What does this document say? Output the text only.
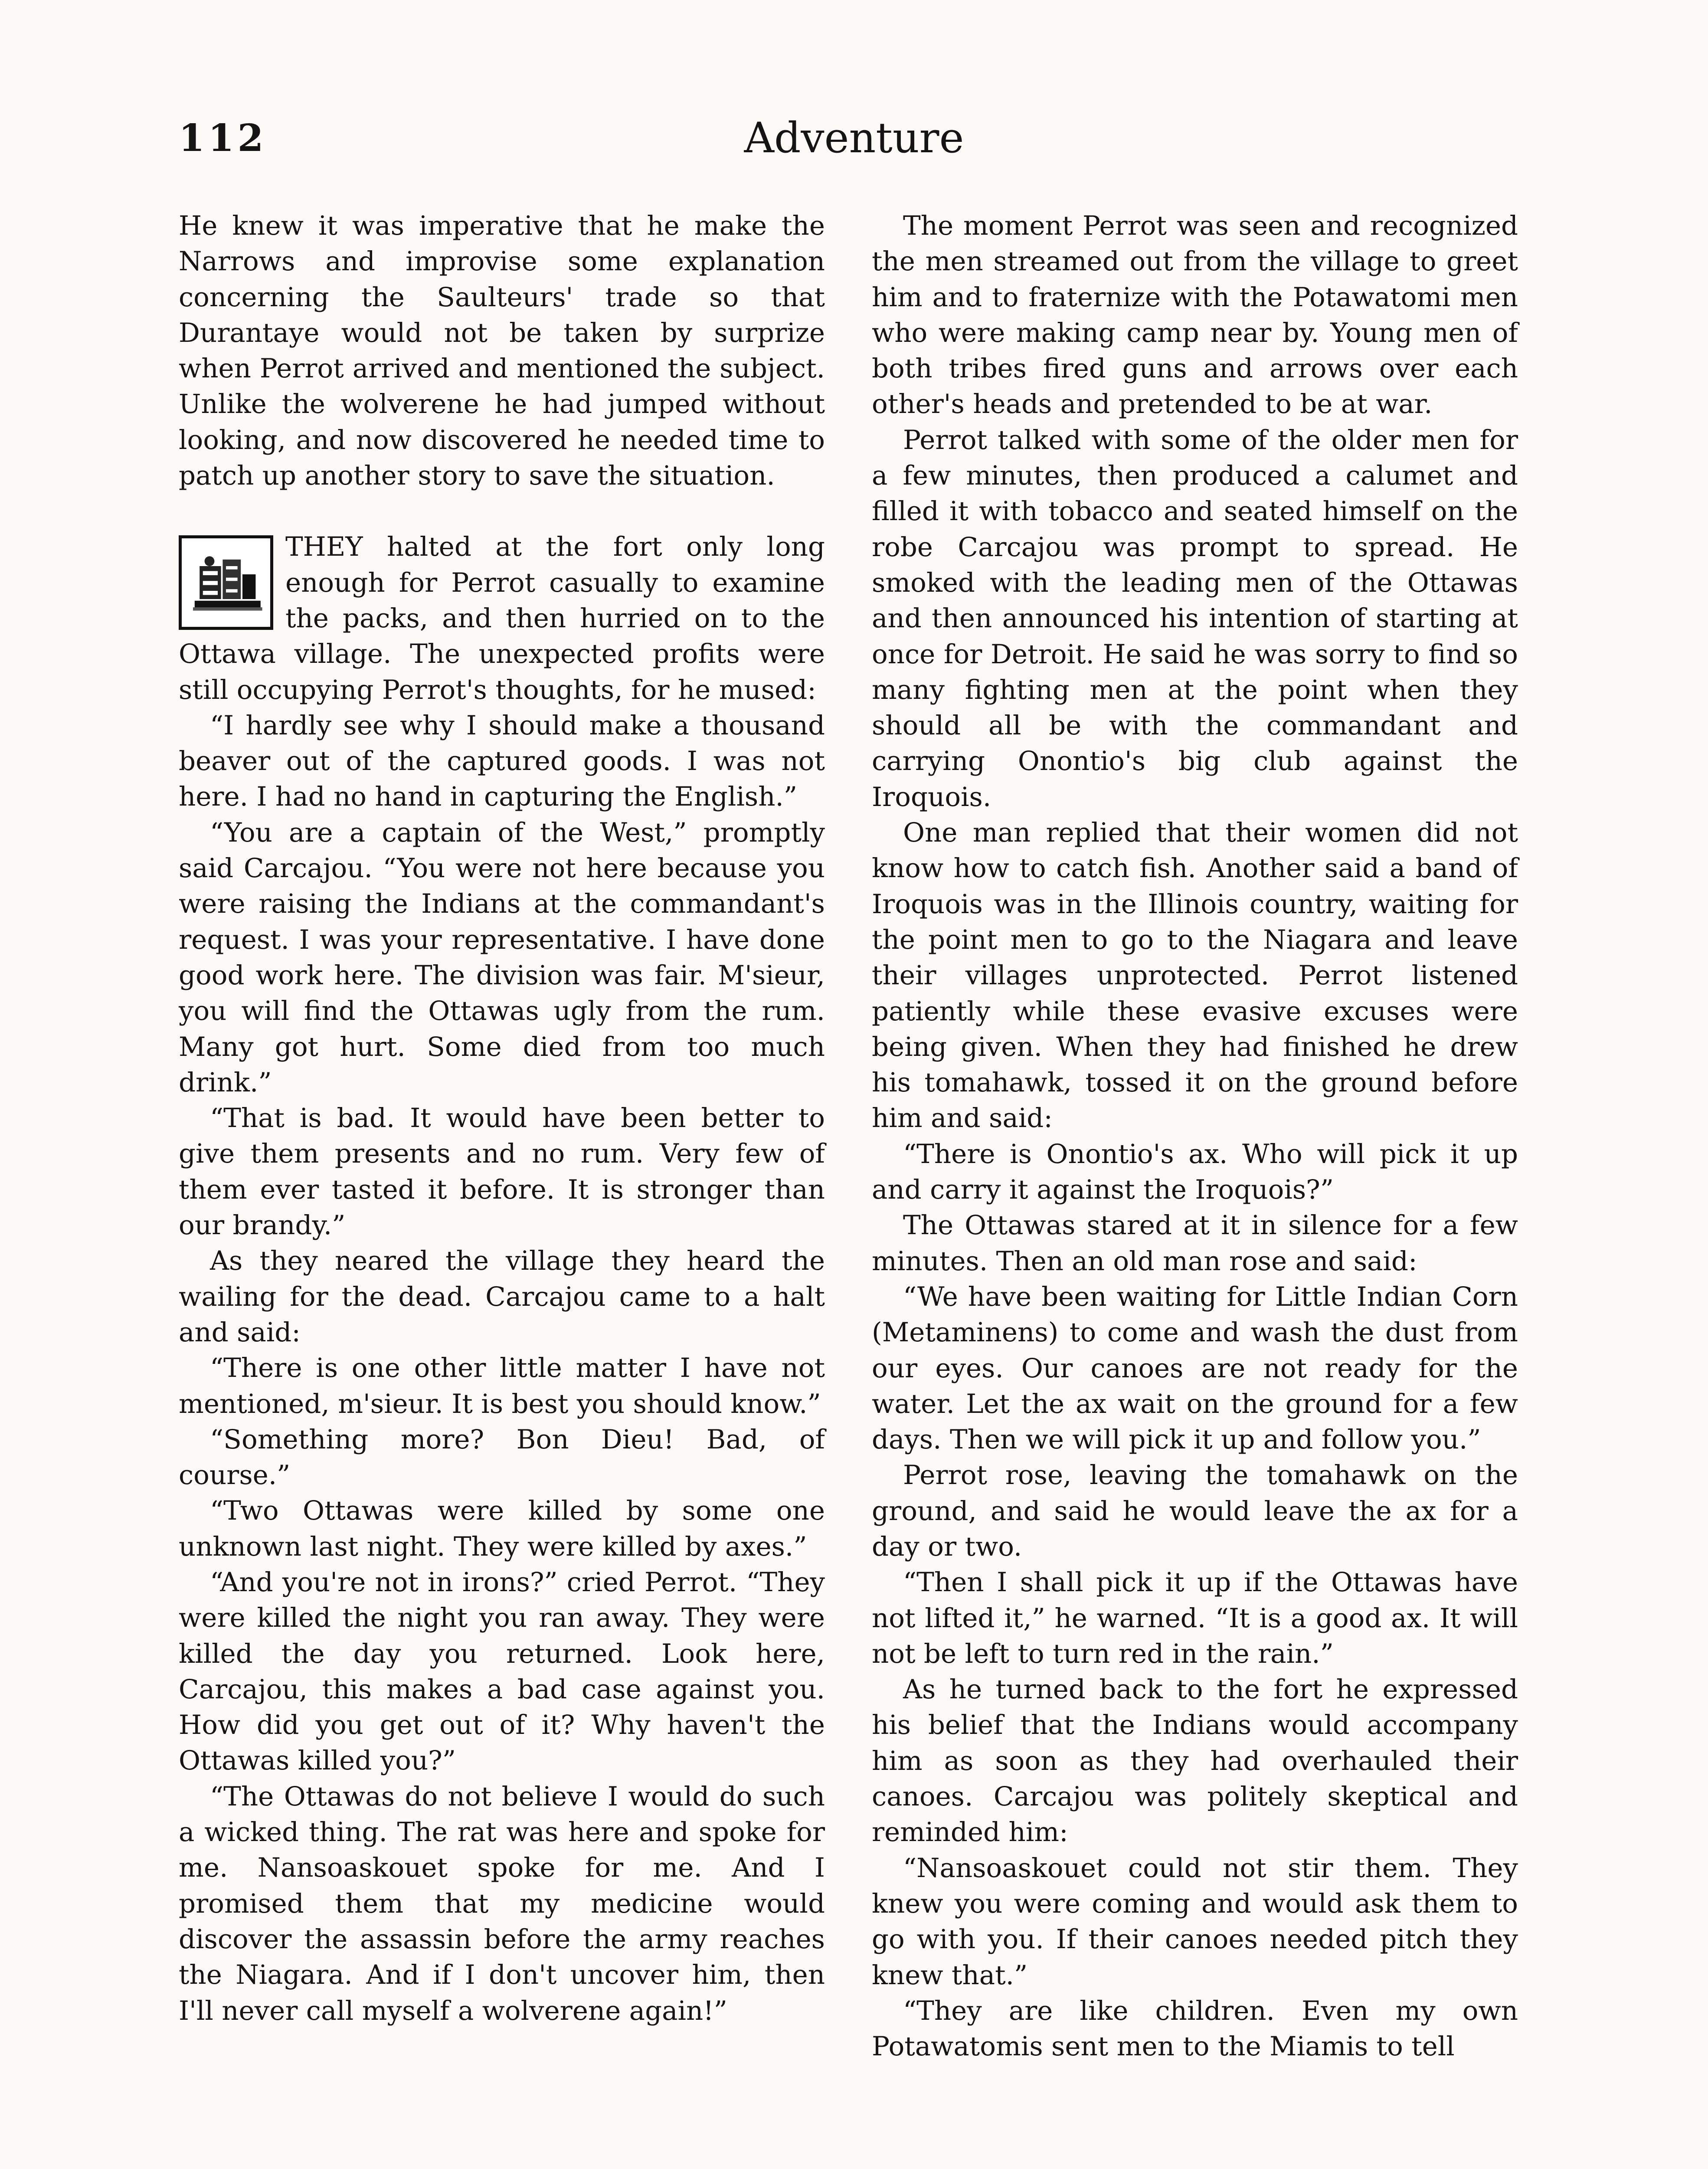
112	Adventure

He knew it was imperative that he make the Narrows and improvise some explanation concerning the Saulteurs' trade so that Durantaye would not be taken by surprize when Perrot arrived and mentioned the subject. Unlike the wolverene he had jumped without looking, and now discovered he needed time to patch up another story to save the situation.

THEY halted at the fort only long enough for Perrot casually to examine the packs, and then hurried on to the Ottawa village. The unexpected profits were still occupying Perrot's thoughts, for he mused:

“I hardly see why I should make a thousand beaver out of the captured goods. I was not here. I had no hand in capturing the English.”

“You are a captain of the West,” promptly said Carcajou. “You were not here because you were raising the Indians at the commandant's request. I was your representative. I have done good work here. The division was fair. M'sieur, you will find the Ottawas ugly from the rum. Many got hurt. Some died from too much drink.”

“That is bad. It would have been better to give them presents and no rum. Very few of them ever tasted it before. It is stronger than our brandy.”

As they neared the village they heard the wailing for the dead. Carcajou came to a halt and said:

“There is one other little matter I have not mentioned, m'sieur. It is best you should know.”

“Something more? Bon Dieu! Bad, of course.”

“Two Ottawas were killed by some one unknown last night. They were killed by axes.”

“And you're not in irons?” cried Perrot. “They were killed the night you ran away. They were killed the day you returned. Look here, Carcajou, this makes a bad case against you. How did you get out of it? Why haven't the Ottawas killed you?”

“The Ottawas do not believe I would do such a wicked thing. The rat was here and spoke for me. Nansoaskouet spoke for me. And I promised them that my medicine would discover the assassin before the army reaches the Niagara. And if I don't uncover him, then I'll never call myself a wolverene again!”

The moment Perrot was seen and recognized the men streamed out from the village to greet him and to fraternize with the Potawatomi men who were making camp near by. Young men of both tribes fired guns and arrows over each other's heads and pretended to be at war.

Perrot talked with some of the older men for a few minutes, then produced a calumet and filled it with tobacco and seated himself on the robe Carcajou was prompt to spread. He smoked with the leading men of the Ottawas and then announced his intention of starting at once for Detroit. He said he was sorry to find so many fighting men at the point when they should all be with the commandant and carrying Onontio's big club against the Iroquois.

One man replied that their women did not know how to catch fish. Another said a band of Iroquois was in the Illinois country, waiting for the point men to go to the Niagara and leave their villages unprotected. Perrot listened patiently while these evasive excuses were being given. When they had finished he drew his tomahawk, tossed it on the ground before him and said:

“There is Onontio's ax. Who will pick it up and carry it against the Iroquois?”

The Ottawas stared at it in silence for a few minutes. Then an old man rose and said:

“We have been waiting for Little Indian Corn (Metaminens) to come and wash the dust from our eyes. Our canoes are not ready for the water. Let the ax wait on the ground for a few days. Then we will pick it up and follow you.”

Perrot rose, leaving the tomahawk on the ground, and said he would leave the ax for a day or two.

“Then I shall pick it up if the Ottawas have not lifted it,” he warned. “It is a good ax. It will not be left to turn red in the rain.”

As he turned back to the fort he expressed his belief that the Indians would accompany him as soon as they had overhauled their canoes. Carcajou was politely skeptical and reminded him:

“Nansoaskouet could not stir them. They knew you were coming and would ask them to go with you. If their canoes needed pitch they knew that.”

“They are like children. Even my own Potawatomis sent men to the Miamis to tell
